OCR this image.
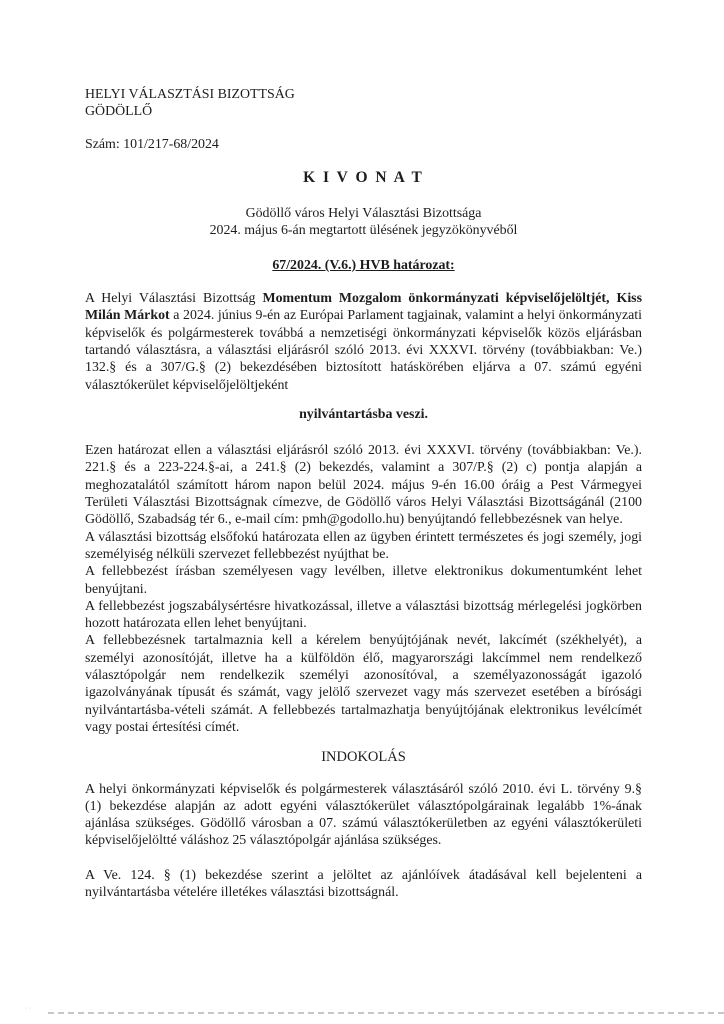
HELYI VÁLASZTÁSI BIZOTTSÁG
GÖDÖLLŐ
Szám: 101/217-68/2024
K I V O N A T
Gödöllő város Helyi Választási Bizottsága
2024. május 6-án megtartott ülésének jegyzökönyvéből
67/2024. (V.6.) HVB határozat:

A Helyi Választási Bizottság Momentum Mozgalom önkormányzati képviselőjelöltjét, Kiss Milán Márkot a 2024. június 9-én az Európai Parlament tagjainak, valamint a helyi önkormányzati képviselők és polgármesterek továbbá a nemzetiségi önkormányzati képviselők közös eljárásban tartandó választásra, a választási eljárásról szóló 2013. évi XXXVI. törvény (továbbiakban: Ve.) 132.§ és a 307/G.§ (2) bekezdésében biztosított hatáskörében eljárva a 07. számú egyéni választókerület képviselőjelöltjeként

nyilvántartásba veszi.

Ezen határozat ellen a választási eljárásról szóló 2013. évi XXXVI. törvény (továbbiakban: Ve.). 221.§ és a 223-224.§-ai, a 241.§ (2) bekezdés, valamint a 307/P.§ (2) c) pontja alapján a meghozatalától számított három napon belül 2024. május 9-én 16.00 óráig a Pest Vármegyei Területi Választási Bizottságnak címezve, de Gödöllő város Helyi Választási Bizottságánál (2100 Gödöllő, Szabadság tér 6., e-mail cím: pmh@godollo.hu) benyújtandó fellebbezésnek van helye.

A választási bizottság elsőfokú határozata ellen az ügyben érintett természetes és jogi személy, jogi személyiség nélküli szervezet fellebbezést nyújthat be.

A fellebbezést írásban személyesen vagy levélben, illetve elektronikus dokumentumként lehet benyújtani.

A fellebbezést jogszabálysértésre hivatkozással, illetve a választási bizottság mérlegelési jogkörben hozott határozata ellen lehet benyújtani.

A fellebbezésnek tartalmaznia kell a kérelem benyújtójának nevét, lakcímét (székhelyét), a személyi azonosítóját, illetve ha a külföldön élő, magyarországi lakcímmel nem rendelkező választópolgár nem rendelkezik személyi azonosítóval, a személyazonosságát igazoló igazolványának típusát és számát, vagy jelölő szervezet vagy más szervezet esetében a bírósági nyilvántartásba-vételi számát. A fellebbezés tartalmazhatja benyújtójának elektronikus levélcímét vagy postai értesítési címét.

INDOKOLÁS

A helyi önkormányzati képviselők és polgármesterek választásáról szóló 2010. évi L. törvény 9.§ (1) bekezdése alapján az adott egyéni választókerület választópolgárainak legalább 1%-ának ajánlása szükséges. Gödöllő városban a 07. számú választókerületben az egyéni választókerületi képviselőjelöltté váláshoz 25 választópolgár ajánlása szükséges.

A Ve. 124. § (1) bekezdése szerint a jelöltet az ajánlóívek átadásával kell bejelenteni a nyilvántartásba vételére illetékes választási bizottságnál.

··
